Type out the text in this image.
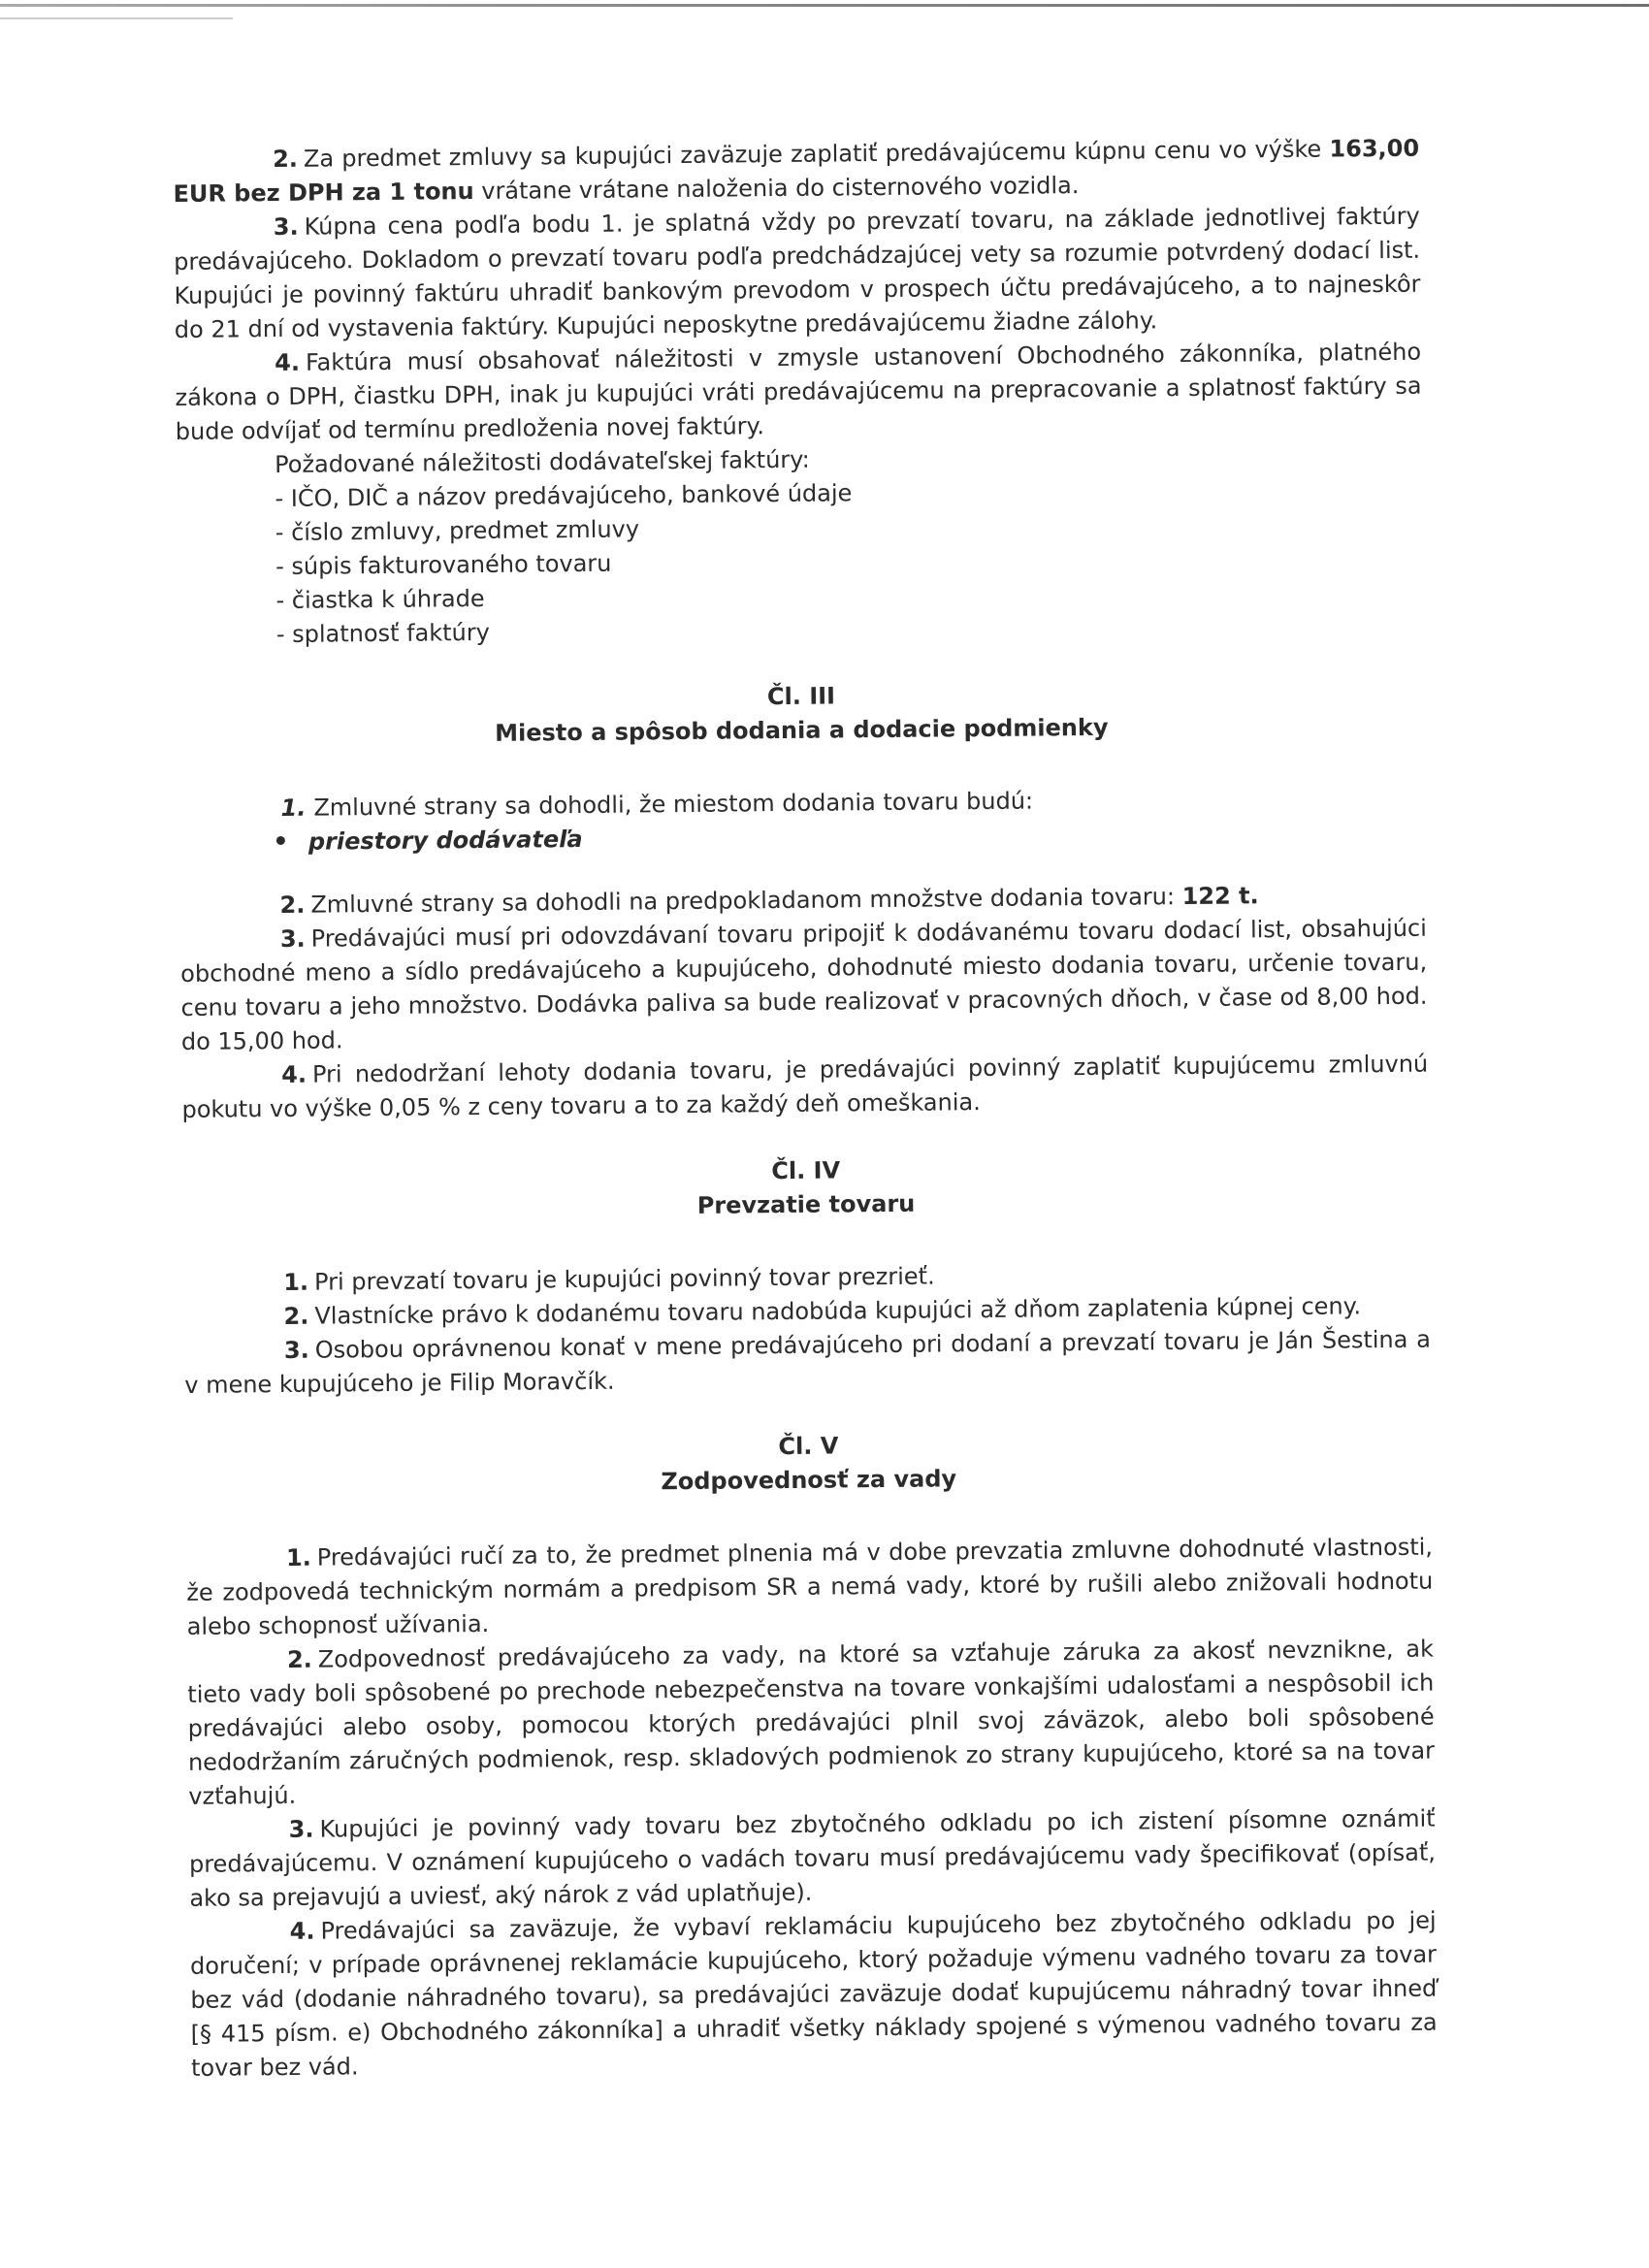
2. Za predmet zmluvy sa kupujúci zaväzuje zaplatiť predávajúcemu kúpnu cenu vo výške 163,00 EUR bez DPH za 1 tonu vrátane vrátane naloženia do cisternového vozidla.

3. Kúpna cena podľa bodu 1. je splatná vždy po prevzatí tovaru, na základe jednotlivej faktúry predávajúceho. Dokladom o prevzatí tovaru podľa predchádzajúcej vety sa rozumie potvrdený dodací list. Kupujúci je povinný faktúru uhradiť bankovým prevodom v prospech účtu predávajúceho, a to najneskôr do 21 dní od vystavenia faktúry. Kupujúci neposkytne predávajúcemu žiadne zálohy.

4. Faktúra musí obsahovať náležitosti v zmysle ustanovení Obchodného zákonníka, platného zákona o DPH, čiastku DPH, inak ju kupujúci vráti predávajúcemu na prepracovanie a splatnosť faktúry sa bude odvíjať od termínu predloženia novej faktúry.

Požadované náležitosti dodávateľskej faktúry:
- IČO, DIČ a názov predávajúceho, bankové údaje
- číslo zmluvy, predmet zmluvy
- súpis fakturovaného tovaru
- čiastka k úhrade
- splatnosť faktúry

Čl. III

Miesto a spôsob dodania a dodacie podmienky

1. Zmluvné strany sa dohodli, že miestom dodania tovaru budú:

priestory dodávateľa

2. Zmluvné strany sa dohodli na predpokladanom množstve dodania tovaru: 122 t.

3. Predávajúci musí pri odovzdávaní tovaru pripojiť k dodávanému tovaru dodací list, obsahujúci obchodné meno a sídlo predávajúceho a kupujúceho, dohodnuté miesto dodania tovaru, určenie tovaru, cenu tovaru a jeho množstvo. Dodávka paliva sa bude realizovať v pracovných dňoch, v čase od 8,00 hod. do 15,00 hod.

4. Pri nedodržaní lehoty dodania tovaru, je predávajúci povinný zaplatiť kupujúcemu zmluvnú pokutu vo výške 0,05 % z ceny tovaru a to za každý deň omeškania.

Čl. IV

Prevzatie tovaru

1. Pri prevzatí tovaru je kupujúci povinný tovar prezrieť.

2. Vlastnícke právo k dodanému tovaru nadobúda kupujúci až dňom zaplatenia kúpnej ceny.

3. Osobou oprávnenou konať v mene predávajúceho pri dodaní a prevzatí tovaru je Ján Šestina a v mene kupujúceho je Filip Moravčík.

Čl. V

Zodpovednosť za vady

1. Predávajúci ručí za to, že predmet plnenia má v dobe prevzatia zmluvne dohodnuté vlastnosti, že zodpovedá technickým normám a predpisom SR a nemá vady, ktoré by rušili alebo znižovali hodnotu alebo schopnosť užívania.

2. Zodpovednosť predávajúceho za vady, na ktoré sa vzťahuje záruka za akosť nevznikne, ak tieto vady boli spôsobené po prechode nebezpečenstva na tovare vonkajšími udalosťami a nespôsobil ich predávajúci alebo osoby, pomocou ktorých predávajúci plnil svoj záväzok, alebo boli spôsobené nedodržaním záručných podmienok, resp. skladových podmienok zo strany kupujúceho, ktoré sa na tovar vzťahujú.

3. Kupujúci je povinný vady tovaru bez zbytočného odkladu po ich zistení písomne oznámiť predávajúcemu. V oznámení kupujúceho o vadách tovaru musí predávajúcemu vady špecifikovať (opísať, ako sa prejavujú a uviesť, aký nárok z vád uplatňuje).

4. Predávajúci sa zaväzuje, že vybaví reklamáciu kupujúceho bez zbytočného odkladu po jej doručení; v prípade oprávnenej reklamácie kupujúceho, ktorý požaduje výmenu vadného tovaru za tovar bez vád (dodanie náhradného tovaru), sa predávajúci zaväzuje dodať kupujúcemu náhradný tovar ihneď [§ 415 písm. e) Obchodného zákonníka] a uhradiť všetky náklady spojené s výmenou vadného tovaru za tovar bez vád.
